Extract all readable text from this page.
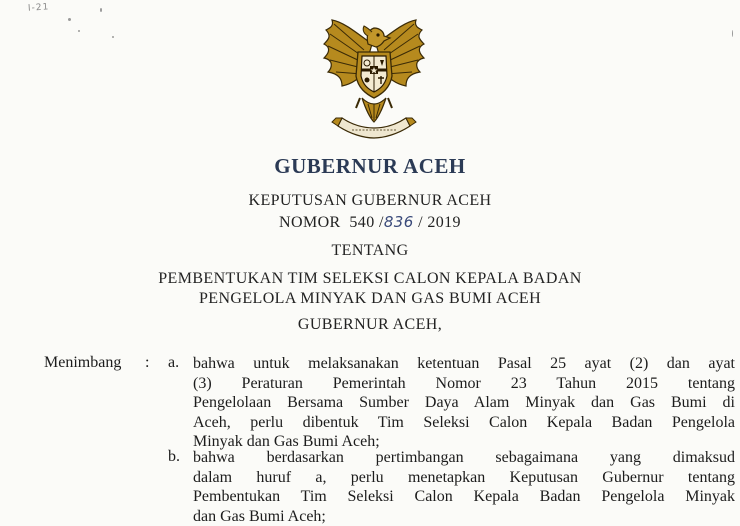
I-21
GUBERNUR ACEH
KEPUTUSAN GUBERNUR ACEH
NOMOR  540 /836 / 2019
TENTANG
PEMBENTUKAN TIM SELEKSI CALON KEPALA BADAN
PENGELOLA MINYAK DAN GAS BUMI ACEH
GUBERNUR ACEH,
Menimbang : a. bahwa untuk melaksanakan ketentuan Pasal 25 ayat (2) dan ayat
(3) Peraturan Pemerintah Nomor 23 Tahun 2015 tentang
Pengelolaan Bersama Sumber Daya Alam Minyak dan Gas Bumi di
Aceh, perlu dibentuk Tim Seleksi Calon Kepala Badan Pengelola
Minyak dan Gas Bumi Aceh;
b. bahwa berdasarkan pertimbangan sebagaimana yang dimaksud
dalam huruf a, perlu menetapkan Keputusan Gubernur tentang
Pembentukan Tim Seleksi Calon Kepala Badan Pengelola Minyak
dan Gas Bumi Aceh;
